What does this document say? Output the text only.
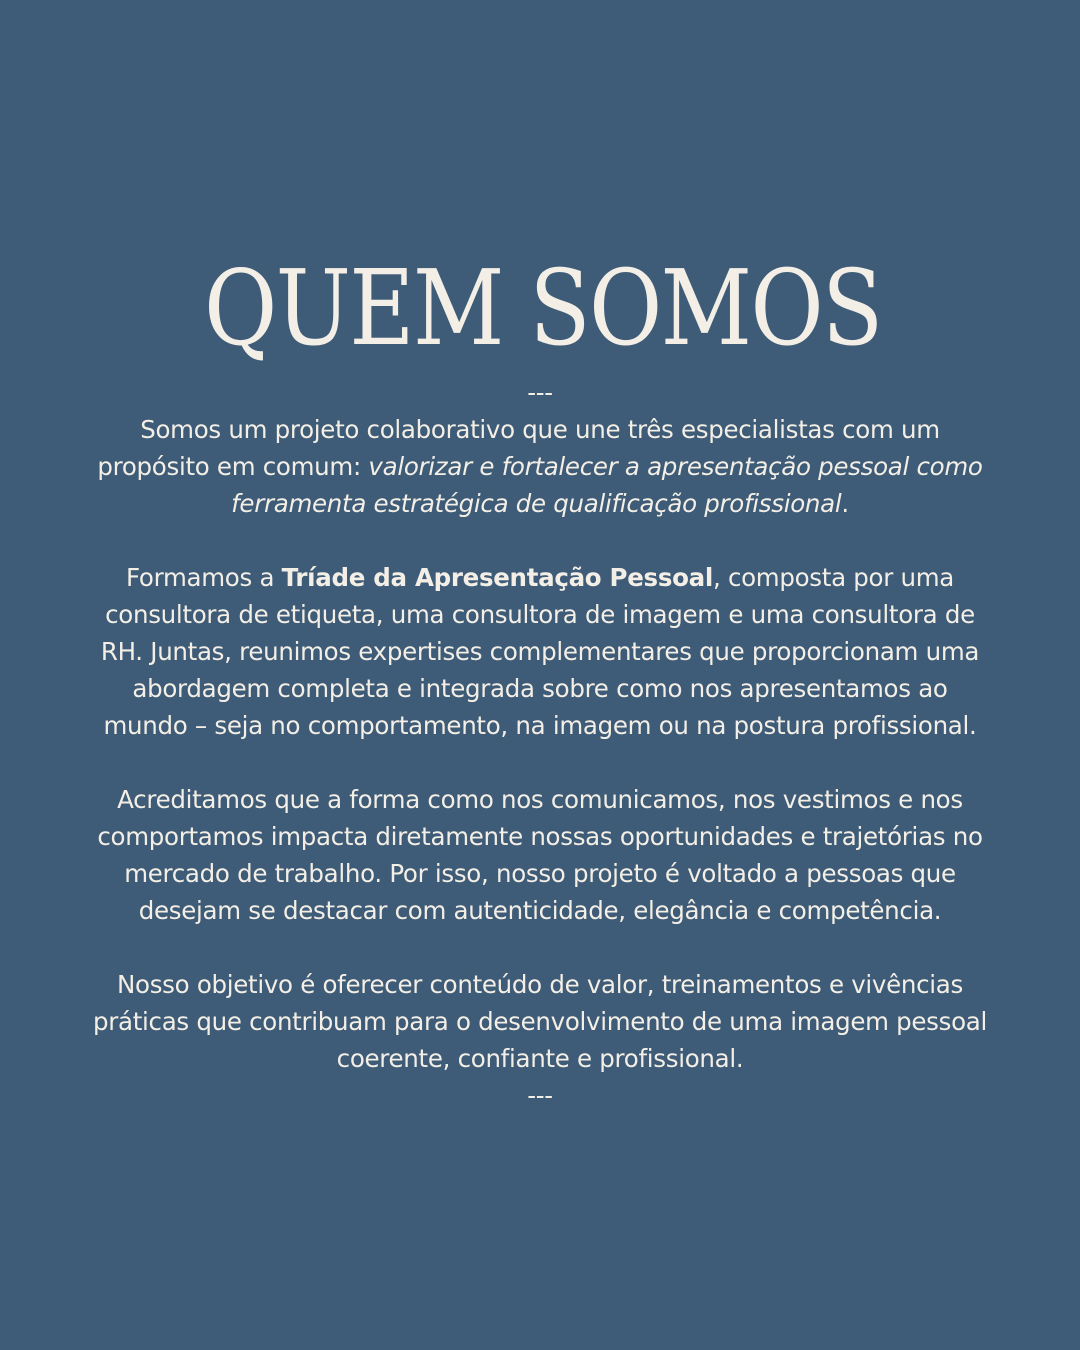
QUEM SOMOS
---

Somos um projeto colaborativo que une três especialistas com um propósito em comum: valorizar e fortalecer a apresentação pessoal como ferramenta estratégica de qualificação profissional.

Formamos a Tríade da Apresentação Pessoal, composta por uma consultora de etiqueta, uma consultora de imagem e uma consultora de RH. Juntas, reunimos expertises complementares que proporcionam uma abordagem completa e integrada sobre como nos apresentamos ao mundo – seja no comportamento, na imagem ou na postura profissional.

Acreditamos que a forma como nos comunicamos, nos vestimos e nos comportamos impacta diretamente nossas oportunidades e trajetórias no mercado de trabalho. Por isso, nosso projeto é voltado a pessoas que desejam se destacar com autenticidade, elegância e competência.

Nosso objetivo é oferecer conteúdo de valor, treinamentos e vivências práticas que contribuam para o desenvolvimento de uma imagem pessoal coerente, confiante e profissional.

---
